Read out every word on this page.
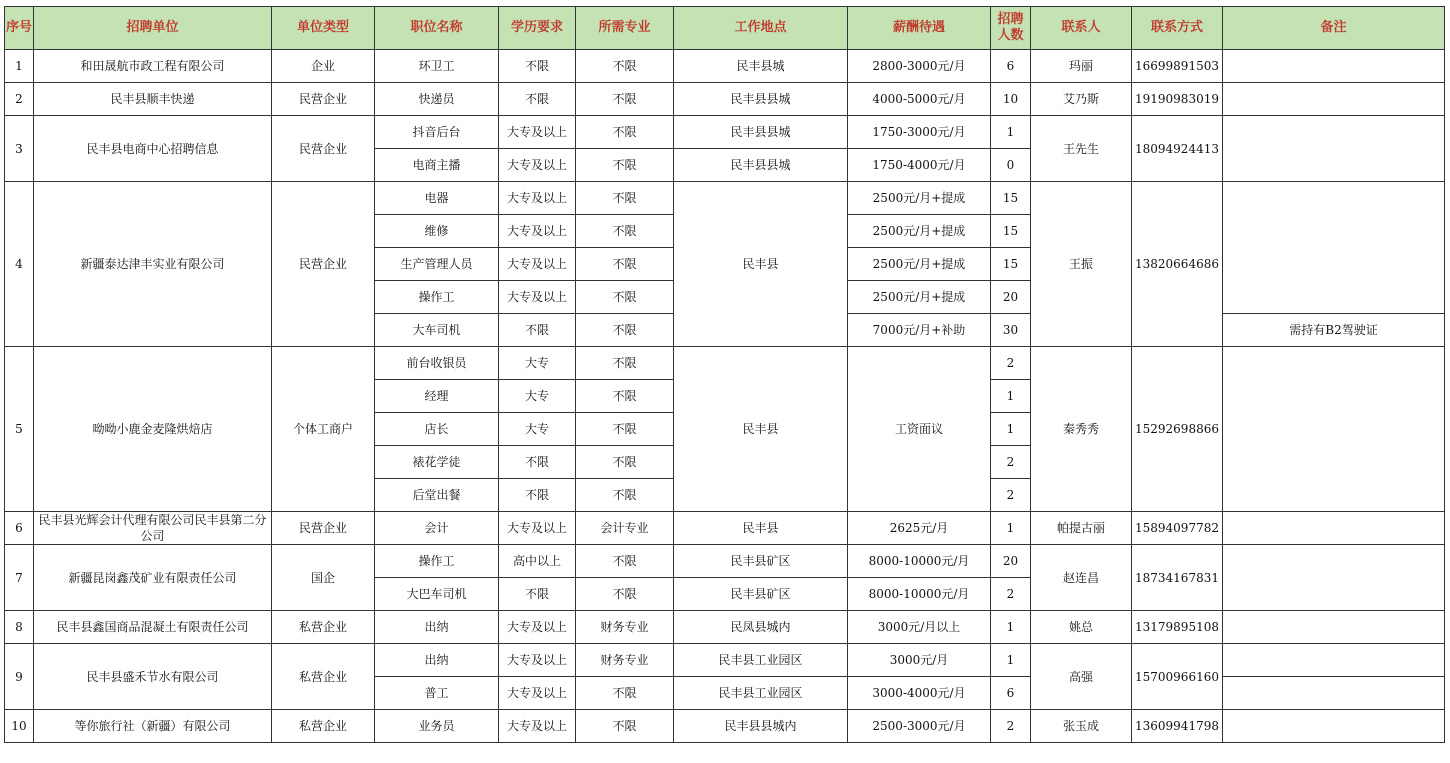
序号	招聘单位	单位类型	职位名称	学历要求	所需专业	工作地点	薪酬待遇	招聘人数	联系人	联系方式	备注
1	和田晟航市政工程有限公司	企业	环卫工	不限	不限	民丰县城	2800-3000元/月	6	玛丽	16699891503	
2	民丰县顺丰快递	民营企业	快递员	不限	不限	民丰县县城	4000-5000元/月	10	艾乃斯	19190983019	
3	民丰县电商中心招聘信息	民营企业	抖音后台	大专及以上	不限	民丰县县城	1750-3000元/月	1	王先生	18094924413	
			电商主播	大专及以上	不限	民丰县县城	1750-4000元/月	0			
4	新疆泰达津丰实业有限公司	民营企业	电器	大专及以上	不限	民丰县	2500元/月+提成	15	王振	13820664686	
			维修	大专及以上	不限		2500元/月+提成	15			
			生产管理人员	大专及以上	不限		2500元/月+提成	15			
			操作工	大专及以上	不限		2500元/月+提成	20			
			大车司机	不限	不限		7000元/月+补助	30			需持有B2驾驶证
5	呦呦小鹿金麦隆烘焙店	个体工商户	前台收银员	大专	不限	民丰县	工资面议	2	秦秀秀	15292698866	
			经理	大专	不限			1			
			店长	大专	不限			1			
			裱花学徒	不限	不限			2			
			后堂出餐	不限	不限			2			
6	民丰县光辉会计代理有限公司民丰县第二分公司	民营企业	会计	大专及以上	会计专业	民丰县	2625元/月	1	帕提古丽	15894097782	
7	新疆昆岗鑫茂矿业有限责任公司	国企	操作工	高中以上	不限	民丰县矿区	8000-10000元/月	20	赵连昌	18734167831	
			大巴车司机	不限	不限	民丰县矿区	8000-10000元/月	2			
8	民丰县鑫国商品混凝土有限责任公司	私营企业	出纳	大专及以上	财务专业	民凤县城内	3000元/月以上	1	姚总	13179895108	
9	民丰县盛禾节水有限公司	私营企业	出纳	大专及以上	财务专业	民丰县工业园区	3000元/月	1	高强	15700966160	
			普工	大专及以上	不限	民丰县工业园区	3000-4000元/月	6			
10	等你旅行社（新疆）有限公司	私营企业	业务员	大专及以上	不限	民丰县县城内	2500-3000元/月	2	张玉成	13609941798	
